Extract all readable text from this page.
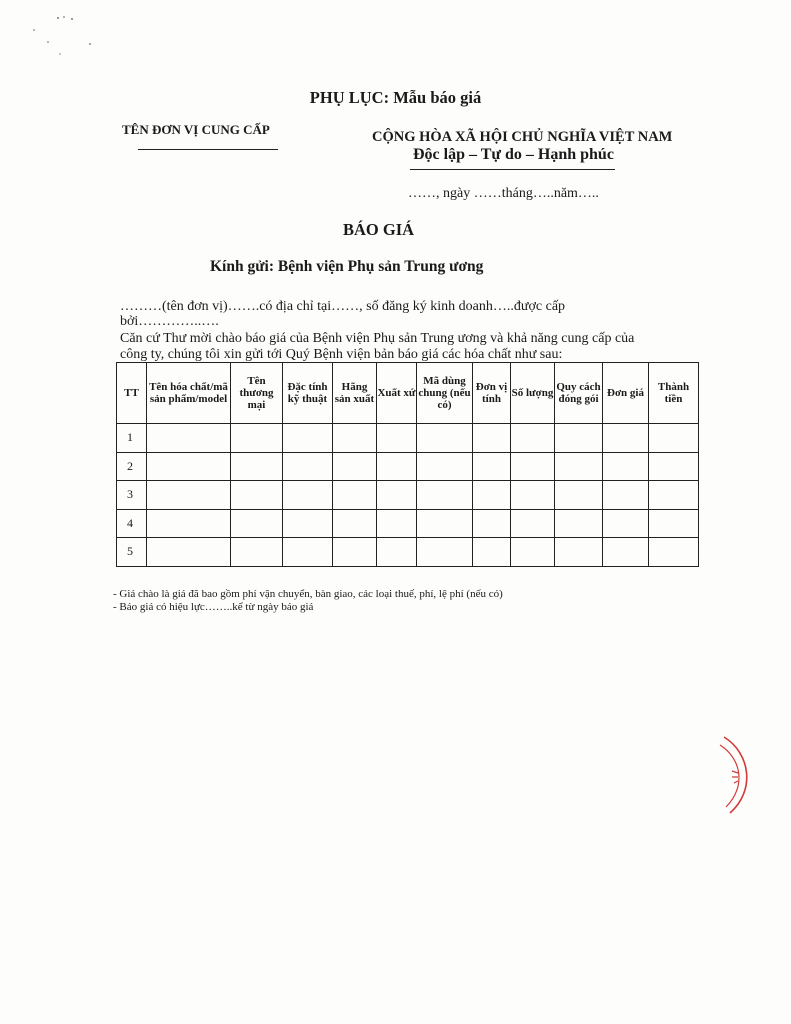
PHỤ LỤC: Mẫu báo giá
TÊN ĐƠN VỊ CUNG CẤP	CỘNG HÒA XÃ HỘI CHỦ NGHĨA VIỆT NAM
Độc lập – Tự do – Hạnh phúc
……, ngày ……tháng…..năm…..
BÁO GIÁ
Kính gửi: Bệnh viện Phụ sản Trung ương
………(tên đơn vị)…….có địa chỉ tại……, số đăng ký kinh doanh…..được cấp
bởi…………..….
Căn cứ Thư mời chào báo giá của Bệnh viện Phụ sản Trung ương và khả năng cung cấp của
công ty, chúng tôi xin gửi tới Quý Bệnh viện bản báo giá các hóa chất như sau:
TT	Tên hóa chất/mã sản phẩm/model	Tên thương mại	Đặc tính kỹ thuật	Hãng sản xuất	Xuất xứ	Mã dùng chung (nếu có)	Đơn vị tính	Số lượng	Quy cách đóng gói	Đơn giá	Thành tiền
1											
2											
3											
4											
5											
- Giá chào là giá đã bao gồm phí vận chuyển, bàn giao, các loại thuế, phí, lệ phí (nếu có)
- Báo giá có hiệu lực……..kể từ ngày báo giá
